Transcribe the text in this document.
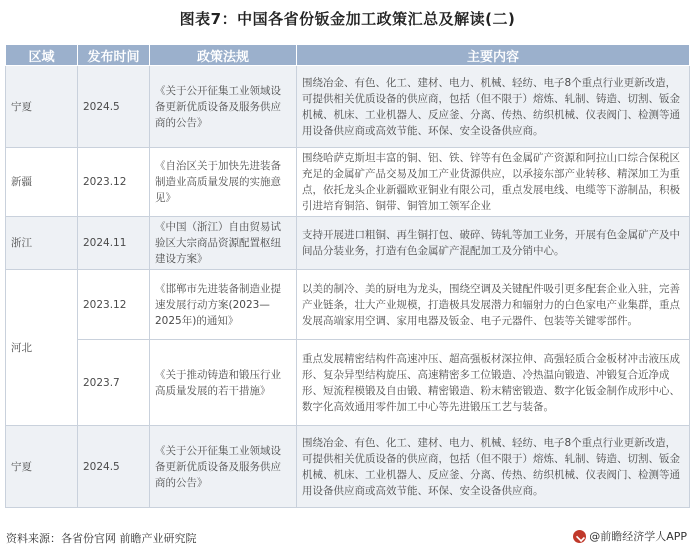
图表7：中国各省份钣金加工政策汇总及解读(二)
区域	发布时间	政策法规	主要内容
宁夏	2024.5	《关于公开征集工业领域设备更新优质设备及服务供应商的公告》	围绕冶金、有色、化工、建材、电力、机械、轻纺、电子8个重点行业更新改造，可提供相关优质设备的供应商，包括（但不限于）熔炼、轧制、铸造、切割、钣金机械、机床、工业机器人、反应釜、分离、传热、纺织机械、仪表阀门、检测等通用设备供应商或高效节能、环保、安全设备供应商。
新疆	2023.12	《自治区关于加快先进装备制造业高质量发展的实施意见》	围绕哈萨克斯坦丰富的铜、铝、铁、锌等有色金属矿产资源和阿拉山口综合保税区充足的金属矿产品交易及加工产业货源供应，以承接东部产业转移、精深加工为重点，依托龙头企业新疆欧亚铜业有限公司，重点发展电线、电缆等下游制品，积极引进培育铜箔、铜带、铜管加工领军企业
浙江	2024.11	《中国（浙江）自由贸易试验区大宗商品资源配置枢纽建设方案》	支持开展进口粗铜、再生铜打包、破碎、铸轧等加工业务，开展有色金属矿产及中间品分装业务，打造有色金属矿产混配加工及分销中心。
河北	2023.12	《邯郸市先进装备制造业提速发展行动方案(2023—2025年)的通知》	以美的制冷、美的厨电为龙头，围绕空调及关键配件吸引更多配套企业入驻，完善产业链条，壮大产业规模，打造极具发展潜力和辐射力的白色家电产业集群，重点发展高端家用空调、家用电器及钣金、电子元器件、包装等关键零部件。
	2023.7	《关于推动铸造和锻压行业高质量发展的若干措施》	重点发展精密结构件高速冲压、超高强板材深拉伸、高强轻质合金板材冲击液压成形、复杂异型结构旋压、高速精密多工位锻造、冷热温向锻造、冲锻复合近净成形、短流程模锻及自由锻、精密锻造、粉末精密锻造、数字化钣金制作成形中心、数字化高效通用零件加工中心等先进锻压工艺与装备。
宁夏	2024.5	《关于公开征集工业领域设备更新优质设备及服务供应商的公告》	围绕冶金、有色、化工、建材、电力、机械、轻纺、电子8个重点行业更新改造，可提供相关优质设备的供应商，包括（但不限于）熔炼、轧制、铸造、切割、钣金机械、机床、工业机器人、反应釜、分离、传热、纺织机械、仪表阀门、检测等通用设备供应商或高效节能、环保、安全设备供应商。
资料来源：各省份官网 前瞻产业研究院	@前瞻经济学人APP
